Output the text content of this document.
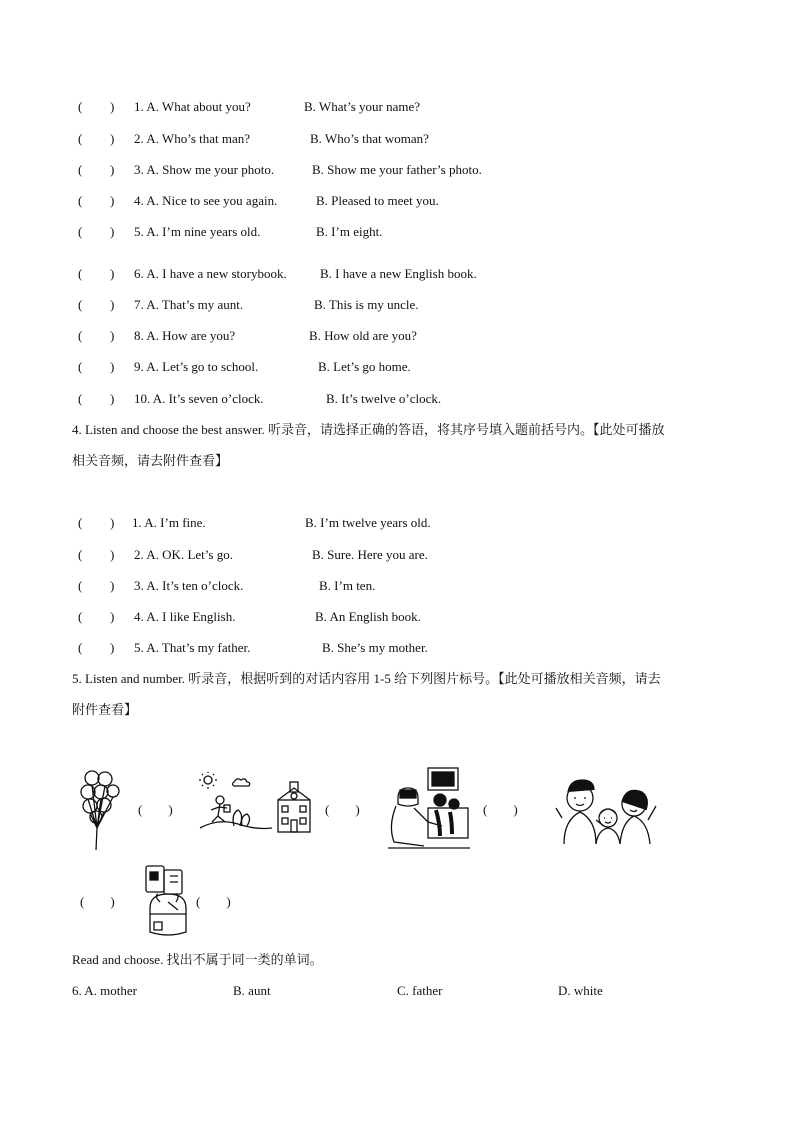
( ) 1. A. What about you?	B. What’s your name?
( ) 2. A. Who’s that man?	B. Who’s that woman?
( ) 3. A. Show me your photo.	B. Show me your father’s photo.
( ) 4. A. Nice to see you again.	B. Pleased to meet you.
( ) 5. A. I’m nine years old.	B. I’m eight.
( ) 6. A. I have a new storybook.	B. I have a new English book.
( ) 7. A. That’s my aunt.	B. This is my uncle.
( ) 8. A. How are you?	B. How old are you?
( ) 9. A. Let’s go to school.	B. Let’s go home.
( ) 10. A. It’s seven o’clock.	B. It’s twelve o’clock.
4. Listen and choose the best answer. 听录音，请选择正确的答语，将其序号填入题前括号内。【此处可播放
相关音频，请去附件查看】
( ) 1. A. I’m fine.	B. I’m twelve years old.
( ) 2. A. OK. Let’s go.	B. Sure. Here you are.
( ) 3. A. It’s ten o’clock.	B. I’m ten.
( ) 4. A. I like English.	B. An English book.
( ) 5. A. That’s my father.	B. She’s my mother.
5. Listen and number. 听录音，根据听到的对话内容用 1-5 给下列图片标号。【此处可播放相关音频，请去
附件查看】
( )	( )	( )
( )	( )
Read and choose. 找出不属于同一类的单词。
6. A. mother	B. aunt	C. father	D. white
